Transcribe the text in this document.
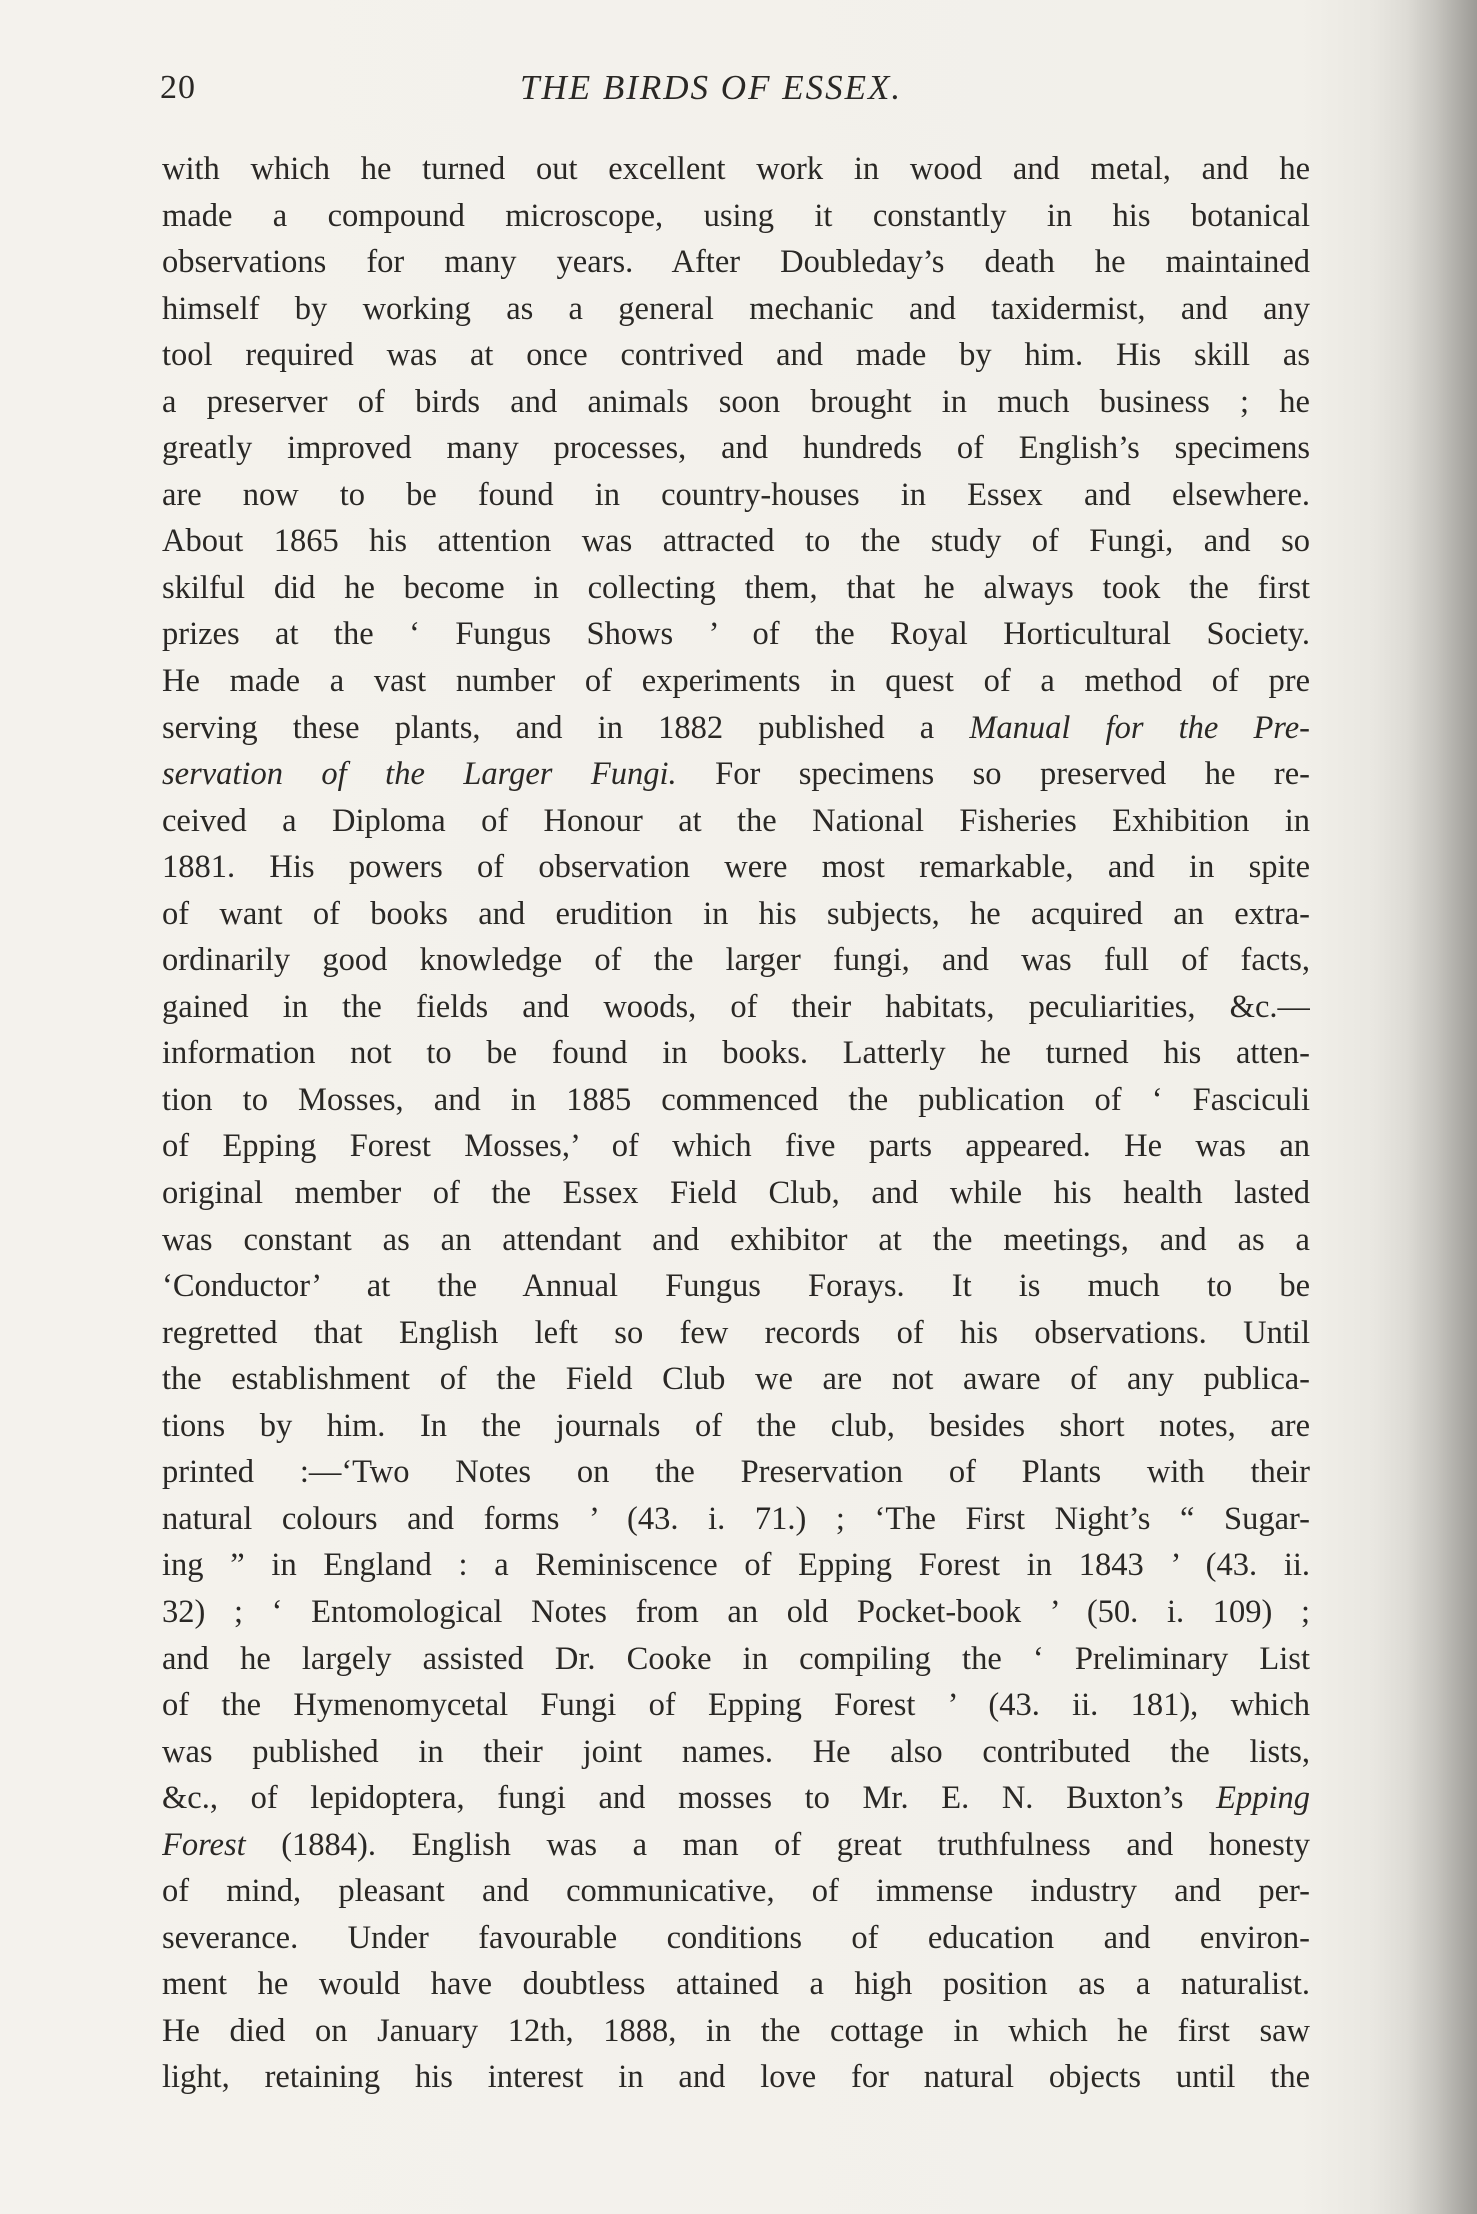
20	THE BIRDS OF ESSEX.
with which he turned out excellent work in wood and metal, and he
made a compound microscope, using it constantly in his botanical
observations for many years. After Doubleday’s death he maintained
himself by working as a general mechanic and taxidermist, and any
tool required was at once contrived and made by him. His skill as
a preserver of birds and animals soon brought in much business ; he
greatly improved many processes, and hundreds of English’s specimens
are now to be found in country-houses in Essex and elsewhere.
About 1865 his attention was attracted to the study of Fungi, and so
skilful did he become in collecting them, that he always took the first
prizes at the ‘ Fungus Shows ’ of the Royal Horticultural Society.
He made a vast number of experiments in quest of a method of pre
serving these plants, and in 1882 published a Manual for the Pre-
servation of the Larger Fungi. For specimens so preserved he re-
ceived a Diploma of Honour at the National Fisheries Exhibition in
1881. His powers of observation were most remarkable, and in spite
of want of books and erudition in his subjects, he acquired an extra-
ordinarily good knowledge of the larger fungi, and was full of facts,
gained in the fields and woods, of their habitats, peculiarities, &c.—
information not to be found in books. Latterly he turned his atten-
tion to Mosses, and in 1885 commenced the publication of ‘ Fasciculi
of Epping Forest Mosses,’ of which five parts appeared. He was an
original member of the Essex Field Club, and while his health lasted
was constant as an attendant and exhibitor at the meetings, and as a
‘Conductor’ at the Annual Fungus Forays. It is much to be
regretted that English left so few records of his observations. Until
the establishment of the Field Club we are not aware of any publica-
tions by him. In the journals of the club, besides short notes, are
printed :—‘Two Notes on the Preservation of Plants with their
natural colours and forms ’ (43. i. 71.) ; ‘The First Night’s “ Sugar-
ing ” in England : a Reminiscence of Epping Forest in 1843 ’ (43. ii.
32) ; ‘ Entomological Notes from an old Pocket-book ’ (50. i. 109) ;
and he largely assisted Dr. Cooke in compiling the ‘ Preliminary List
of the Hymenomycetal Fungi of Epping Forest ’ (43. ii. 181), which
was published in their joint names. He also contributed the lists,
&c., of lepidoptera, fungi and mosses to Mr. E. N. Buxton’s Epping
Forest (1884). English was a man of great truthfulness and honesty
of mind, pleasant and communicative, of immense industry and per-
severance. Under favourable conditions of education and environ-
ment he would have doubtless attained a high position as a naturalist.
He died on January 12th, 1888, in the cottage in which he first saw
light, retaining his interest in and love for natural objects until the
